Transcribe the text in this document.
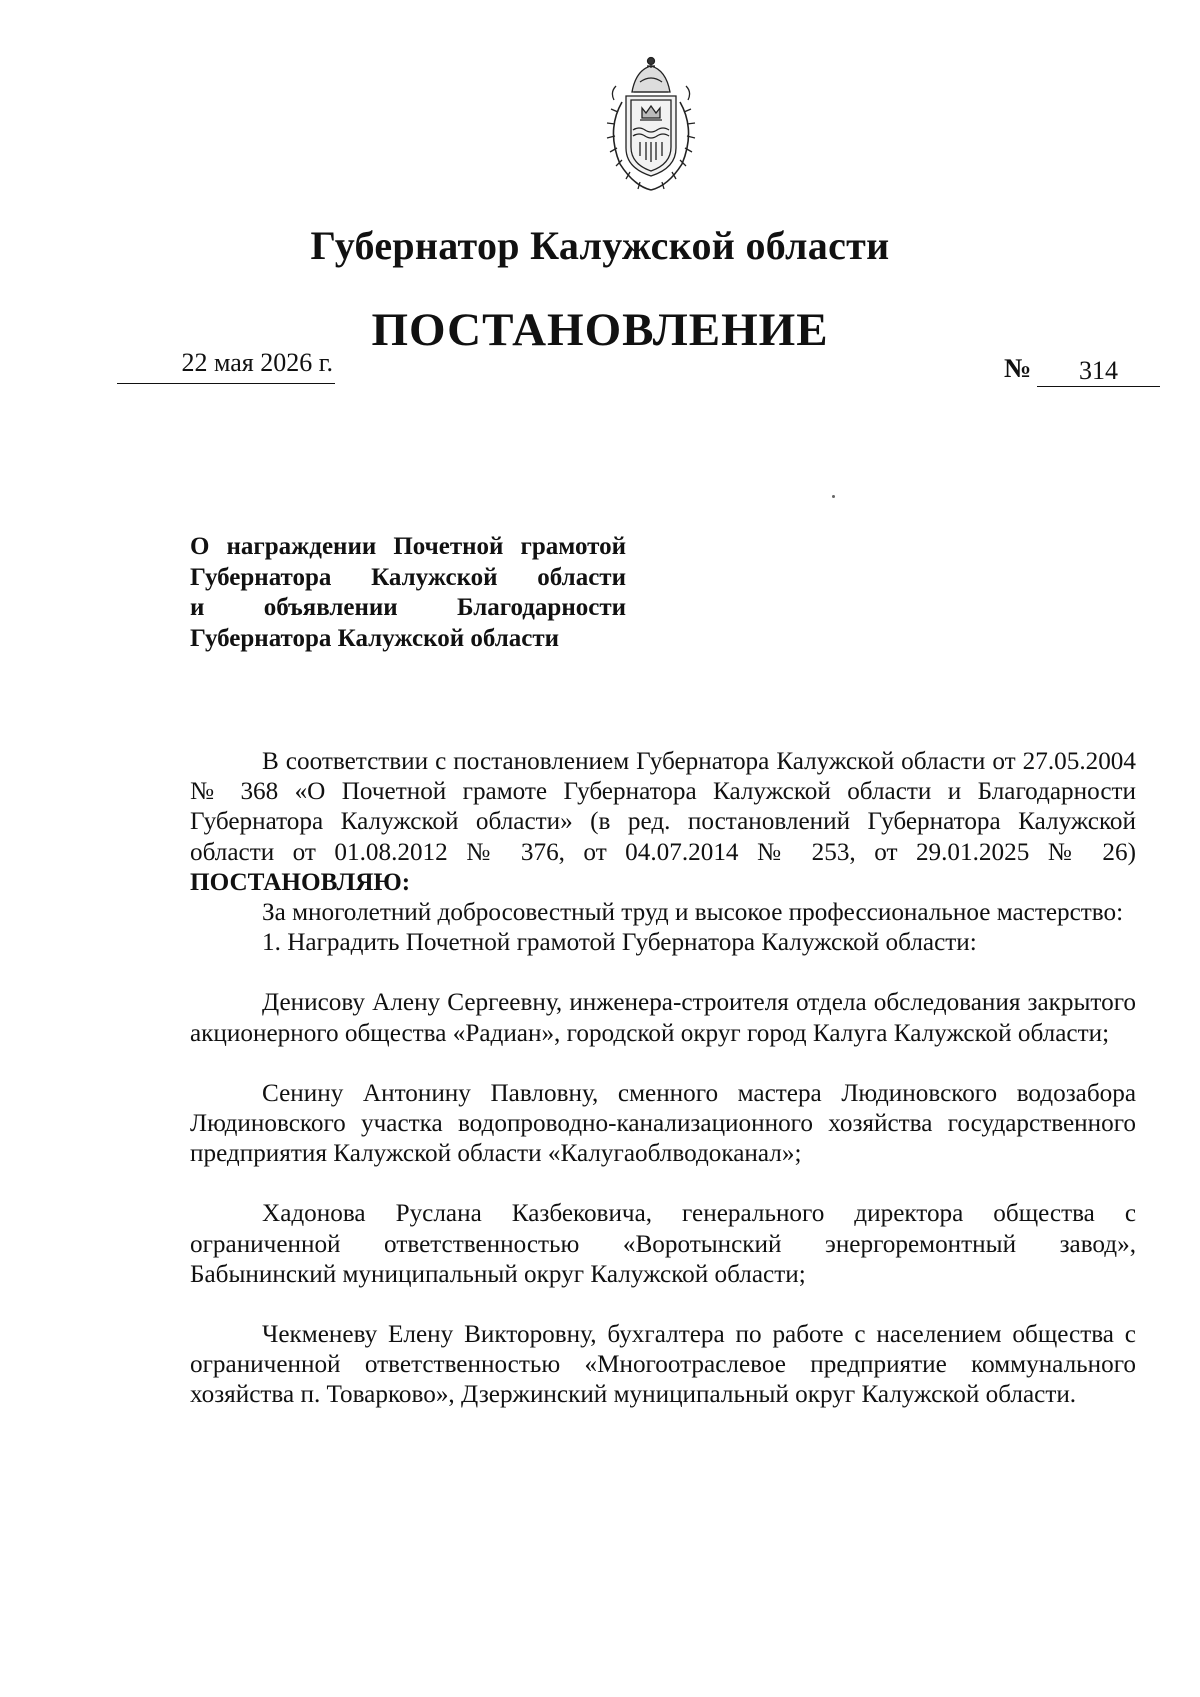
Губернатор Калужской области
ПОСТАНОВЛЕНИЕ
22 мая 2026 г.	№	314
О награждении Почетной грамотой
Губернатора Калужской области
и объявлении Благодарности
Губернатора Калужской области

В соответствии с постановлением Губернатора Калужской области от 27.05.2004 № 368 «О Почетной грамоте Губернатора Калужской области и Благодарности Губернатора Калужской области» (в ред. постановлений Губернатора Калужской области от 01.08.2012 № 376, от 04.07.2014 № 253, от 29.01.2025 № 26) ПОСТАНОВЛЯЮ:

За многолетний добросовестный труд и высокое профессиональное мастерство:

1. Наградить Почетной грамотой Губернатора Калужской области:

Денисову Алену Сергеевну, инженера-строителя отдела обследования закрытого акционерного общества «Радиан», городской округ город Калуга Калужской области;

Сенину Антонину Павловну, сменного мастера Людиновского водозабора Людиновского участка водопроводно-канализационного хозяйства государственного предприятия Калужской области «Калугаоблводоканал»;

Хадонова Руслана Казбековича, генерального директора общества с ограниченной ответственностью «Воротынский энергоремонтный завод», Бабынинский муниципальный округ Калужской области;

Чекменеву Елену Викторовну, бухгалтера по работе с населением общества с ограниченной ответственностью «Многоотраслевое предприятие коммунального хозяйства п. Товарково», Дзержинский муниципальный округ Калужской области.
